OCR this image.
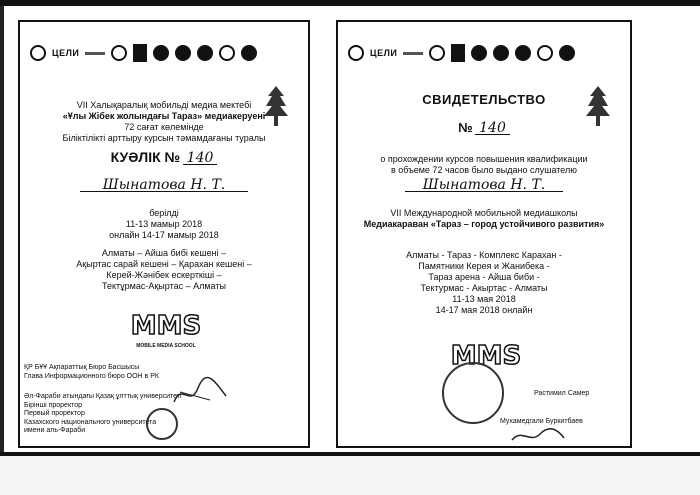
ЦЕЛИ
VII Халықаралық мобильді медиа мектебі
«Ұлы Жібек жолындағы Тараз» медиакеруені
72 сағат көлемінде
Біліктілікті арттыру курсын тәмамдағаны туралы
КУӘЛІК № 140
Шынатова Н. Т.
берілді
11-13 мамыр 2018
онлайн 14-17 мамыр 2018
Алматы – Айша бибі кешені –
Ақыртас сарай кешені – Қарахан кешені –
Керей-Жәнібек ескерткіші –
Тектұрмас-Ақыртас – Алматы
MMS
MOBILE MEDIA SCHOOL
ҚР БҰҰ Ақпараттық Бюро Басшысы
Глава Информационного бюро ООН в РК
Әл-Фараби атындағы Қазақ ұлттық университеті
Бірінші проректор
Первый проректор
Казахского национального университета
имени аль-Фараби
ЦЕЛИ
СВИДЕТЕЛЬСТВО
№ 140
о прохождении курсов повышения квалификации
в объеме 72 часов было выдано слушателю
Шынатова Н. Т.
VII Международной мобильной медиашколы
Медиакараван «Тараз – город устойчивого развития»
Алматы - Тараз - Комплекс Карахан -
Памятники Керея и Жанибека -
Тараз арена - Айша биби -
Тектурмас - Акыртас - Алматы
11-13 мая 2018
14-17 мая 2018 онлайн
MMS
Растимил Самер
Мухамедгали Буркитбаев
